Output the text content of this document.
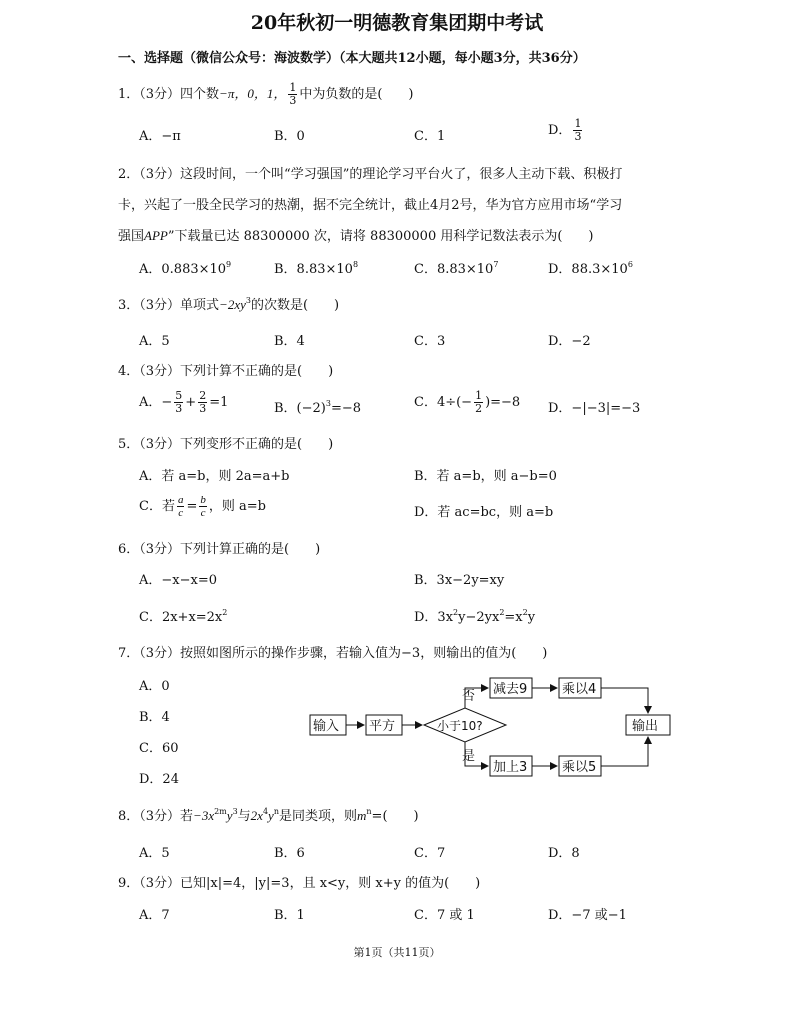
20年秋初一明德教育集团期中考试
一、选择题（微信公众号：海波数学）（本大题共12小题，每小题3分，共36分）
1．（3分）四个数−π，0，1， $\frac{1}{3}$ 中为负数的是(　　)
A．−π	B．0	C．1	D． $\frac{1}{3}$
2．（3分）这段时间，一个叫“学习强国”的理论学习平台火了，很多人主动下载、积极打
卡，兴起了一股全民学习的热潮，据不完全统计，截止4月2号，华为官方应用市场“学习
强国APP”下载量已达 88300000 次，请将 88300000 用科学记数法表示为(　　)
A．$0.883\times 10^9$	B．$8.83\times 10^8$	C．$8.83\times 10^7$	D．$88.3\times 10^6$
3．（3分）单项式$-2xy^3$的次数是(　　)
A．5	B．4	C．3	D．−2
4．（3分）下列计算不正确的是(　　)
A．− $\frac{5}{3} + \frac{2}{3} =1$	B．$(-2)^3=-8$	C．$4\div(- \frac{1}{2} )=-8$ D．−|−3|=−3
5．（3分）下列变形不正确的是(　　)
A．若 a=b，则 2a=a+b	B．若 a=b，则 a−b=0
C．若 $\frac{a}{c} = \frac{b}{c}$ ，则 a=b	D．若 ac=bc，则 a=b
6．（3分）下列计算正确的是(　　)
A．−x−x=0	B．3x−2y=xy
C．$2x+x=2x^2$	D．$3x^2y-2yx^2=x^2y$
7．（3分）按照如图所示的操作步骤，若输入值为−3，则输出的值为(　　)
A．0
B．4
C．60
D．24
输入 平方	小于10?
否
是
减去9	乘以4
加上3	乘以5
输出
8．（3分）若$-3x^{2m}y^3$与$2x^4y^n$是同类项，则$m^n=$(　　)
A．5	B．6	C．7	D．8
9．（3分）已知|x|=4，|y|=3，且 x<y，则 x+y 的值为(　　)
A．7	B．1	C．7 或 1	D．−7 或−1
第1页（共11页）
